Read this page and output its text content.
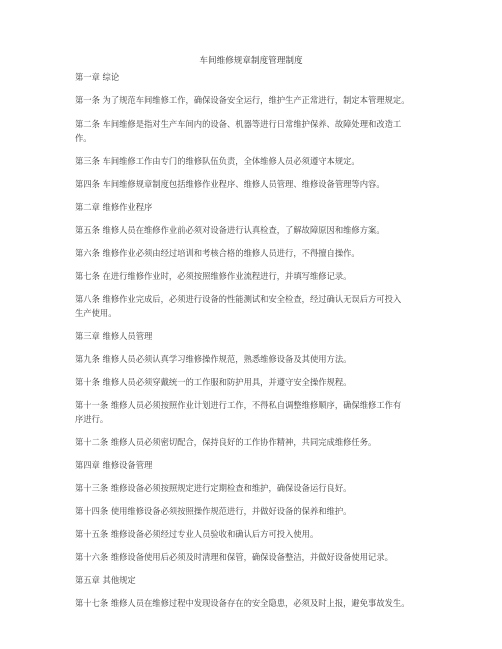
车间维修规章制度管理制度
第一章 综论
第一条 为了规范车间维修工作，确保设备安全运行，维护生产正常进行，制定本管理规定。
第二条 车间维修是指对生产车间内的设备、机器等进行日常维护保养、故障处理和改造工
作。
第三条 车间维修工作由专门的维修队伍负责，全体维修人员必须遵守本规定。
第四条 车间维修规章制度包括维修作业程序、维修人员管理、维修设备管理等内容。
第二章 维修作业程序
第五条 维修人员在维修作业前必须对设备进行认真检查，了解故障原因和维修方案。
第六条 维修作业必须由经过培训和考核合格的维修人员进行，不得擅自操作。
第七条 在进行维修作业时，必须按照维修作业流程进行，并填写维修记录。
第八条 维修作业完成后，必须进行设备的性能测试和安全检查，经过确认无误后方可投入
生产使用。
第三章 维修人员管理
第九条 维修人员必须认真学习维修操作规范，熟悉维修设备及其使用方法。
第十条 维修人员必须穿戴统一的工作服和防护用具，并遵守安全操作规程。
第十一条 维修人员必须按照作业计划进行工作，不得私自调整维修顺序，确保维修工作有
序进行。
第十二条 维修人员必须密切配合，保持良好的工作协作精神，共同完成维修任务。
第四章 维修设备管理
第十三条 维修设备必须按照规定进行定期检查和维护，确保设备运行良好。
第十四条 使用维修设备必须按照操作规范进行，并做好设备的保养和维护。
第十五条 维修设备必须经过专业人员验收和确认后方可投入使用。
第十六条 维修设备使用后必须及时清理和保管，确保设备整洁，并做好设备使用记录。
第五章 其他规定
第十七条 维修人员在维修过程中发现设备存在的安全隐患，必须及时上报，避免事故发生。
